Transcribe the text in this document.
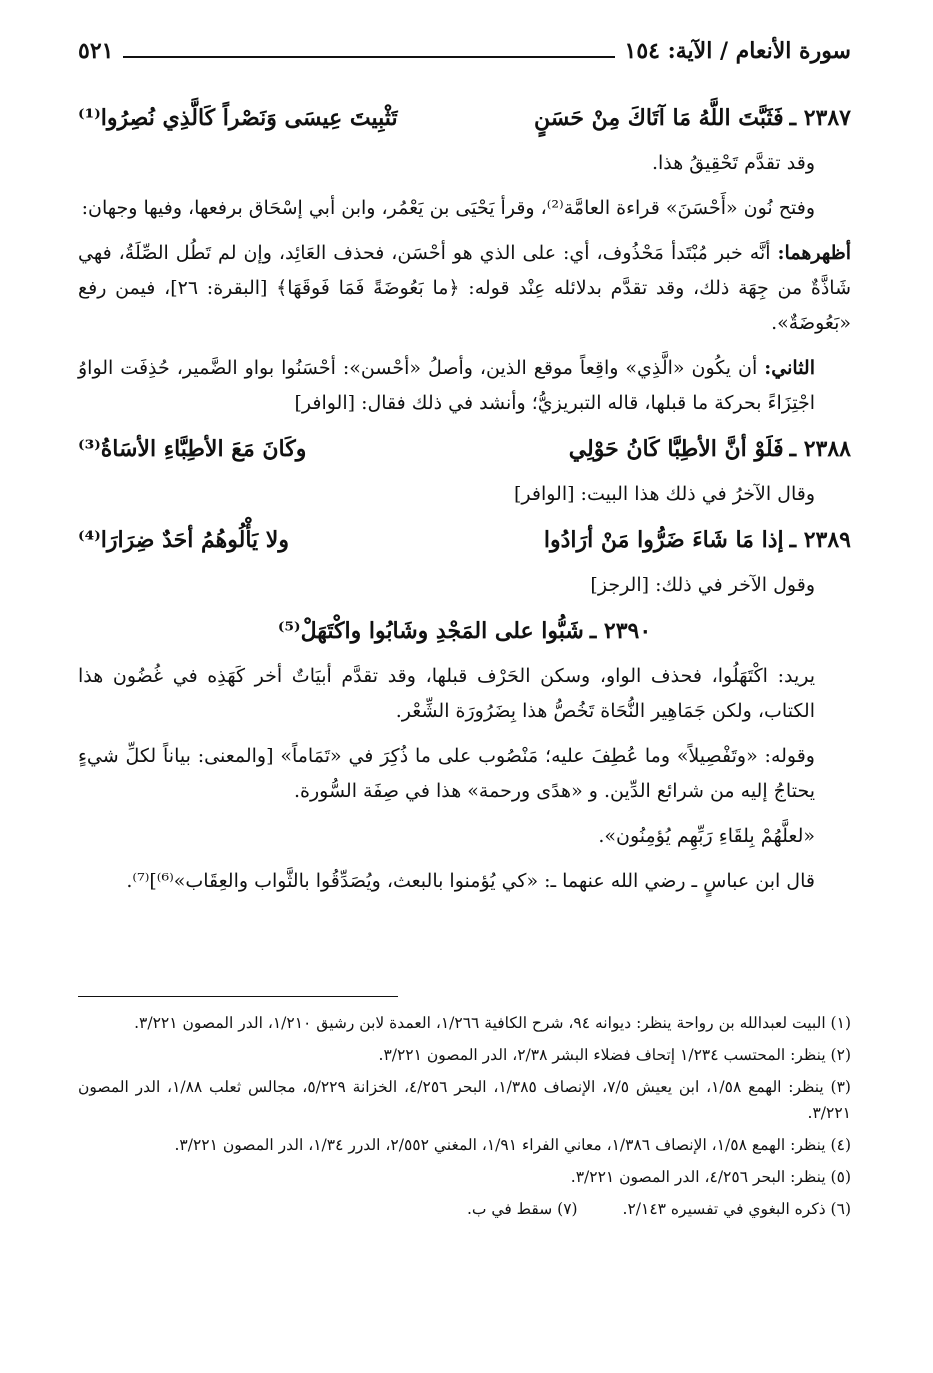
سورة الأنعام / الآية: ١٥٤
٥٢١
٢٣٨٧ ـ
فَثَبَّتَ اللَّهُ مَا آتَاكَ مِنْ حَسَنٍ
تَثْبِيتَ عِيسَى وَنَصْراً كَالَّذِي نُصِرُوا⁽¹⁾

وقد تقدَّم تَحْقِيقُ هذا.

وفتح نُون «أَحْسَنَ» قراءة العامَّة⁽²⁾، وقرأ يَحْيَى بن يَعْمُر، وابن أبي إسْحَاق برفعها، وفيها وجهان:

أظهرهما: أنَّه خبر مُبْتَدأ مَحْذُوف، أي: على الذي هو أحْسَن، فحذف العَائِد، وإن لم تَطُل الصِّلَةُ، فهي شَاذَّةٌ من جِهَة ذلك، وقد تقدَّم بدلائله عِنْد قوله: ﴿ما بَعُوضَةً فَمَا فَوقَهَا﴾ [البقرة: ٢٦]، فيمن رفع «بَعُوضَةٌ».

الثاني: أن يكُون «الَّذِي» واقِعاً موقع الذين، وأصلُ «أحْسن»: أحْسَنُوا بواو الضَّمير، حُذِفَت الواوُ اجْتِزَاءً بحركة ما قبلها، قاله التبريزيُّ؛ وأنشد في ذلك فقال: [الوافر]

٢٣٨٨ ـ
فَلَوْ أنَّ الأطِبَّا كَانُ حَوْلِي
وكَانَ مَعَ الأطِبَّاءِ الأسَاةُ⁽³⁾

وقال الآخرُ في ذلك هذا البيت: [الوافر]

٢٣٨٩ ـ
إذا مَا شَاءَ ضَرُّوا مَنْ أرَادُوا
ولا يَأْلُوهُمُ أحَدٌ ضِرَارَا⁽⁴⁾

وقول الآخر في ذلك: [الرجز]

٢٣٩٠ ـ
شَبُّوا على المَجْدِ وشَابُوا واكْتَهَلْ⁽⁵⁾

يريد: اكْتَهَلُوا، فحذف الواو، وسكن الحَرْف قبلها، وقد تقدَّم أبيَاتٌ أخر كَهَذِه في غُضُون هذا الكتاب، ولكن جَمَاهِير النُّحَاة تَخُصُّ هذا بِضَرُورَة الشِّعْر.

وقوله: «وتَفْصِيلاً» وما عُطِفَ عليه؛ مَنْصُوب على ما ذُكِرَ في «تَمَاماً» [والمعنى: بياناً لكلِّ شيءٍ يحتاجُ إليه من شرائع الدِّين. و «هدًى ورحمة» هذا في صِفَة السُّورة.

«لعلَّهُمْ بِلقَاءِ رَبِّهِم يُؤمِنُون».

قال ابن عباسٍ ـ رضي الله عنهما ـ: «كي يُؤمنوا بالبعث، ويُصَدِّقُوا بالثَّواب والعِقَاب»⁽⁶⁾]⁽⁷⁾.

(١) البيت لعبدالله بن رواحة ينظر: ديوانه ٩٤، شرح الكافية ١/٢٦٦، العمدة لابن رشيق ١/٢١٠، الدر المصون ٣/٢٢١.

(٢) ينظر: المحتسب ١/٢٣٤ إتحاف فضلاء البشر ٢/٣٨، الدر المصون ٣/٢٢١.

(٣) ينظر: الهمع ١/٥٨، ابن يعيش ٧/٥، الإنصاف ١/٣٨٥، البحر ٤/٢٥٦، الخزانة ٥/٢٢٩، مجالس ثعلب ١/٨٨، الدر المصون ٣/٢٢١.

(٤) ينظر: الهمع ١/٥٨، الإنصاف ١/٣٨٦، معاني الفراء ١/٩١، المغني ٢/٥٥٢، الدرر ١/٣٤، الدر المصون ٣/٢٢١.

(٥) ينظر: البحر ٤/٢٥٦، الدر المصون ٣/٢٢١.

(٦) ذكره البغوي في تفسيره ٢/١٤٣. (٧) سقط في ب.
